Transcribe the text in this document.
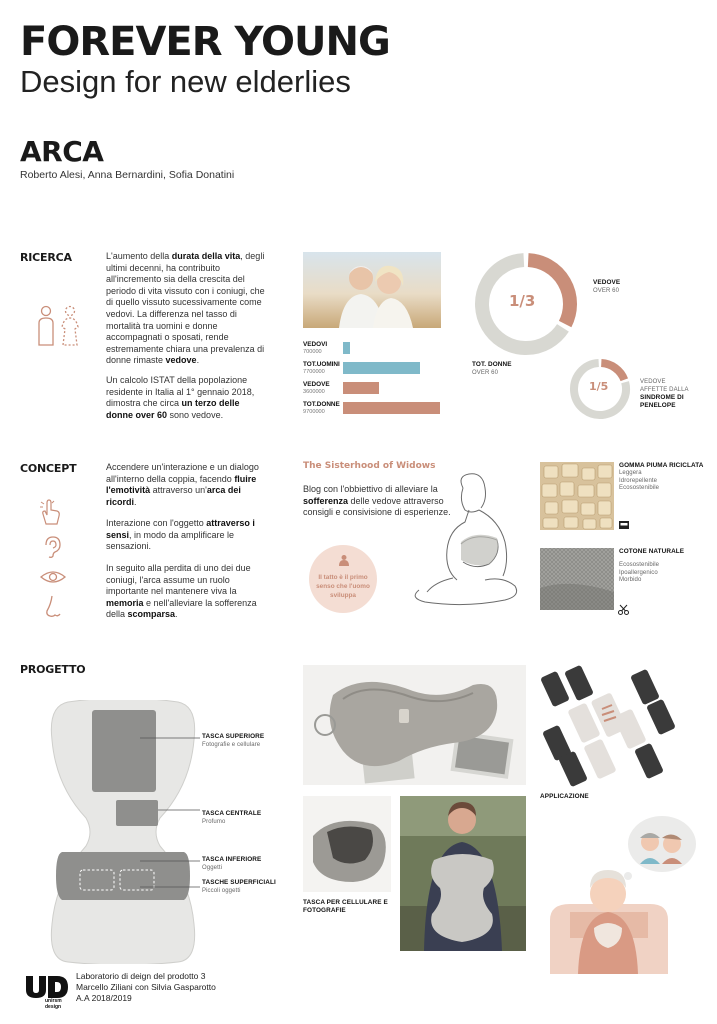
FOREVER YOUNG
Design for new elderlies
ARCA
Roberto Alesi, Anna Bernardini, Sofia Donatini
RICERCA	L'aumento della durata della vita, degli ultimi decenni, ha contribuito all'incremento sia della crescita del periodo di vita vissuto con i coniugi, che di quello vissuto sucessivamente come vedovi. La differenza nel tasso di mortalità tra uomini e donne accompagnati o sposati, rende estremamente chiara una prevalenza di donne rimaste vedove.
Un calcolo ISTAT della popolazione residente in Italia al 1° gennaio 2018, dimostra che circa un terzo delle donne over 60 sono vedove.
VEDOVI
700000
TOT.UOMINI
7700000
VEDOVE
3600000
TOT.DONNE
9700000
1/3
VEDOVE
OVER 60
TOT. DONNE
OVER 60
1/5	VEDOVE
AFFETTE DALLA
SINDROME DI
PENELOPE
CONCEPT	Accendere un'interazione e un dialogo all'interno della coppia, facendo fluire l'emotività attraverso un'arca dei ricordi.
Interazione con l'oggetto attraverso i sensi, in modo da amplificare le sensazioni.
In seguito alla perdita di uno dei due coniugi, l'arca assume un ruolo importante nel mantenere viva la memoria e nell'alleviare la sofferenza della scomparsa.
The Sisterhood of Widows
Blog con l'obbiettivo di alleviare la sofferenza delle vedove attraverso consigli e consivisione di esperienze.
Il tatto è il primo senso che l'uomo sviluppa
GOMMA PIUMA RICICLATA
Leggera
Idrorepellente
Ecosostenibile
COTONE NATURALE
Ecosostenibile
Ipoallergenico
Morbido
PROGETTO
TASCA SUPERIORE
Fotografie e cellulare
TASCA CENTRALE
Profumo
TASCA INFERIORE
Oggetti
TASCHE SUPERFICIALI
Piccoli oggetti
TASCA PER CELLULARE E
FOTOGRAFIE
APPLICAZIONE
unirsm
design
Laboratorio di deign del prodotto 3
Marcello Ziliani con Silvia Gasparotto
A.A 2018/2019
